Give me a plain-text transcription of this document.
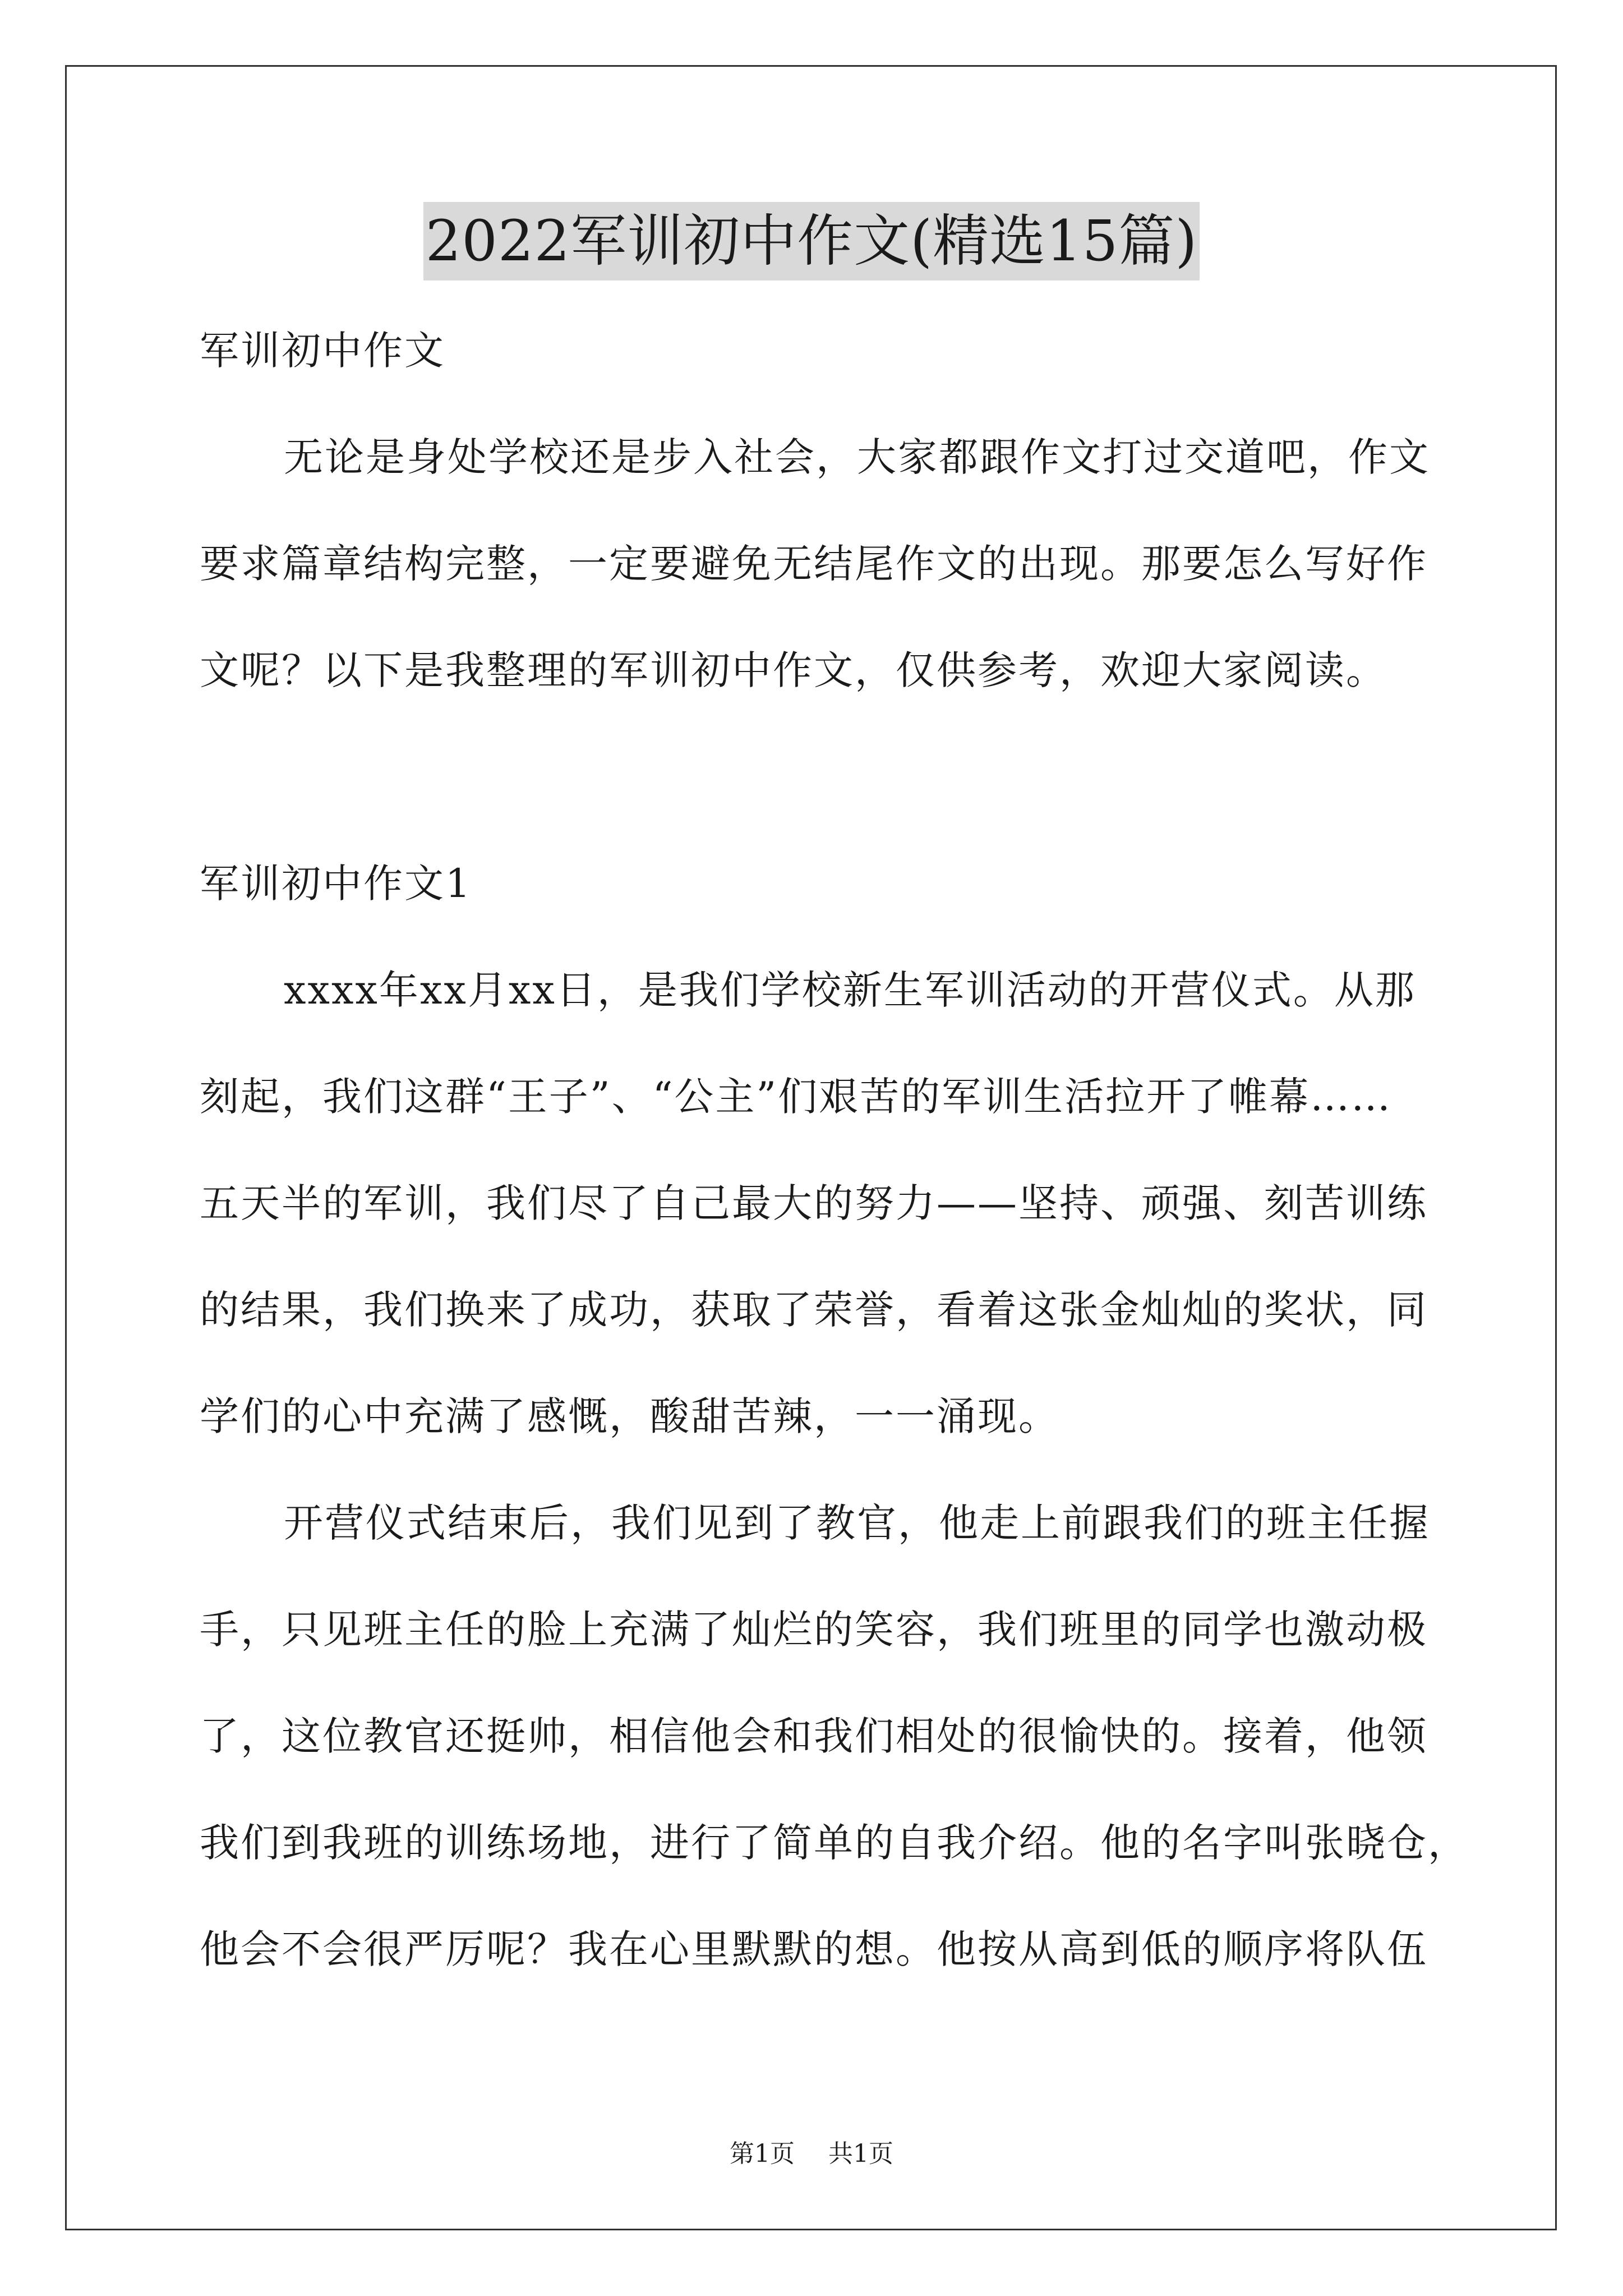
2022军训初中作文(精选15篇)
军训初中作文
无论是身处学校还是步入社会，大家都跟作文打过交道吧，作文
要求篇章结构完整，一定要避免无结尾作文的出现。那要怎么写好作
文呢？以下是我整理的军训初中作文，仅供参考，欢迎大家阅读。
军训初中作文1
xxxx年xx月xx日，是我们学校新生军训活动的开营仪式。从那
刻起，我们这群“王子”、“公主”们艰苦的军训生活拉开了帷幕……
五天半的军训，我们尽了自己最大的努力——坚持、顽强、刻苦训练
的结果，我们换来了成功，获取了荣誉，看着这张金灿灿的奖状，同
学们的心中充满了感慨，酸甜苦辣，一一涌现。
开营仪式结束后，我们见到了教官，他走上前跟我们的班主任握
手，只见班主任的脸上充满了灿烂的笑容，我们班里的同学也激动极
了，这位教官还挺帅，相信他会和我们相处的很愉快的。接着，他领
我们到我班的训练场地，进行了简单的自我介绍。他的名字叫张晓仓，
他会不会很严厉呢？我在心里默默的想。他按从高到低的顺序将队伍
第1页 共1页
